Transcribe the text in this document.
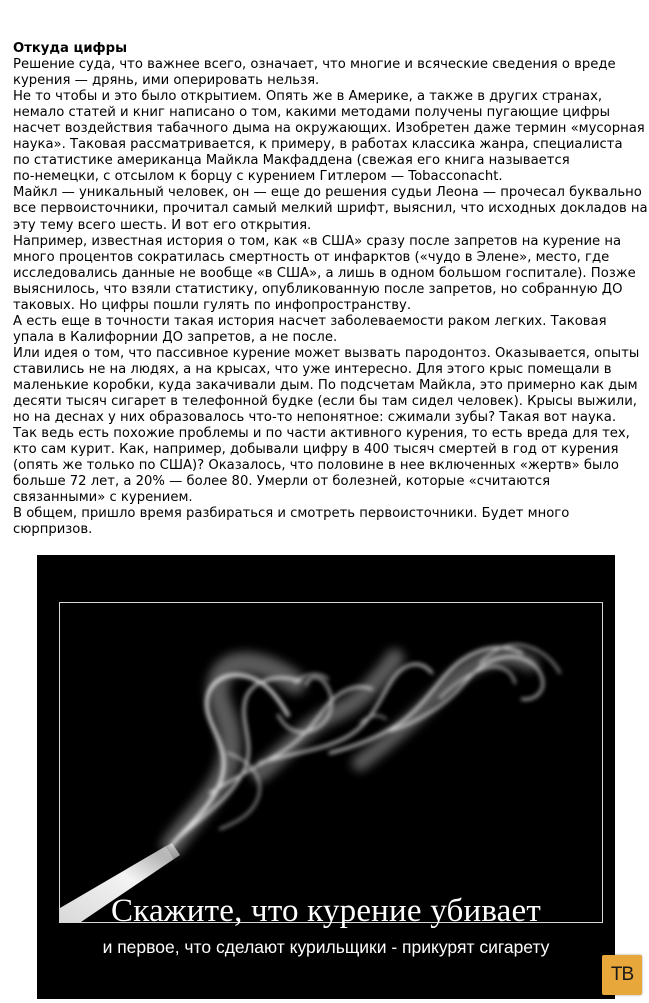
Откуда цифры

Решение суда, что важнее всего, означает, что многие и всяческие сведения о вреде

курения — дрянь, ими оперировать нельзя.

Не то чтобы и это было открытием. Опять же в Америке, а также в других странах,

немало статей и книг написано о том, какими методами получены пугающие цифры

насчет воздействия табачного дыма на окружающих. Изобретен даже термин «мусорная

наука». Таковая рассматривается, к примеру, в работах классика жанра, специалиста

по статистике американца Майкла Макфаддена (свежая его книга называется

по-немецки, с отсылом к борцу с курением Гитлером — Tobacconacht.

Майкл — уникальный человек, он — еще до решения судьи Леона — прочесал буквально

все первоисточники, прочитал самый мелкий шрифт, выяснил, что исходных докладов на

эту тему всего шесть. И вот его открытия.

Например, известная история о том, как «в США» сразу после запретов на курение на

много процентов сократилась смертность от инфарктов («чудо в Элене», место, где

исследовались данные не вообще «в США», а лишь в одном большом госпитале). Позже

выяснилось, что взяли статистику, опубликованную после запретов, но собранную ДО

таковых. Но цифры пошли гулять по инфопространству.

А есть еще в точности такая история насчет заболеваемости раком легких. Таковая

упала в Калифорнии ДО запретов, а не после.

Или идея о том, что пассивное курение может вызвать пародонтоз. Оказывается, опыты

ставились не на людях, а на крысах, что уже интересно. Для этого крыс помещали в

маленькие коробки, куда закачивали дым. По подсчетам Майкла, это примерно как дым

десяти тысяч сигарет в телефонной будке (если бы там сидел человек). Крысы выжили,

но на деснах у них образовалось что-то непонятное: сжимали зубы? Такая вот наука.

Так ведь есть похожие проблемы и по части активного курения, то есть вреда для тех,

кто сам курит. Как, например, добывали цифру в 400 тысяч смертей в год от курения

(опять же только по США)? Оказалось, что половине в нее включенных «жертв» было

больше 72 лет, а 20% — более 80. Умерли от болезней, которые «считаются

связанными» с курением.

В общем, пришло время разбираться и смотреть первоисточники. Будет много

сюрпризов.

Скажите, что курение убивает
и первое, что сделают курильщики - прикурят сигарету
ТВ
